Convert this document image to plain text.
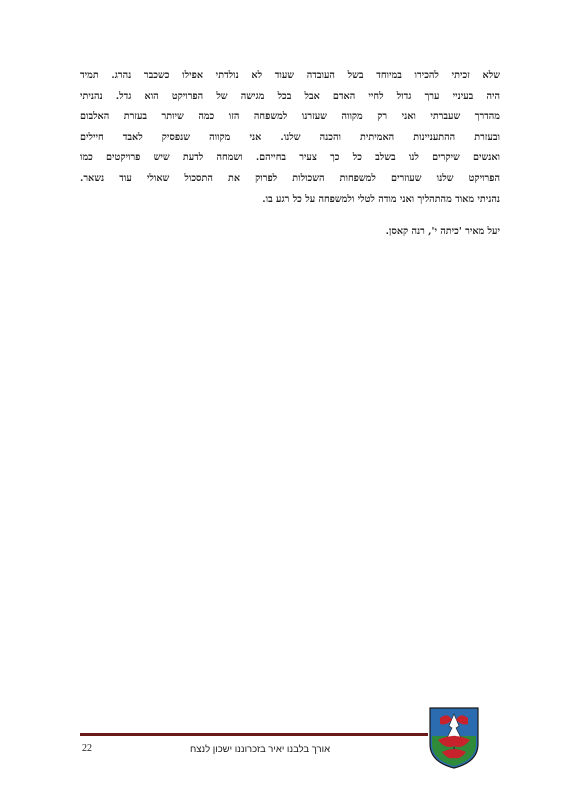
שלא זכיתי להכירו במיוחד בשל העובדה שעוד לא נולדתי אפילו כשכבר נהרג. תמיד
היה בעיניי ערך גדול לחיי האדם אבל בכל מגישה של הפרויקט הוא גדל. נהניתי
מהדרך שעברתי ואני רק מקווה שעזרנו למשפחה הזו כמה שיותר בעזרת האלבום
ובעזרת ההתעניינות האמיתית והכנה שלנו. אני מקווה שנפסיק לאבד חיילים
ואנשים שיקרים לנו בשלב כל כך צעיר בחייהם. ושמחה לדעת שיש פרויקטים כמו
הפרויקט שלנו שעוזרים למשפחות השכולות לפרוק את התסכול שאולי עוד נשאר.
נהניתי מאוד מהתהליך ואני מודה לטלי ולמשפחה על כל רגע בו.
יעל מאיר 'כיתה י', רנה קאסן.
22	אורך בלבנו יאיר בזכרוננו ישכון לנצח
